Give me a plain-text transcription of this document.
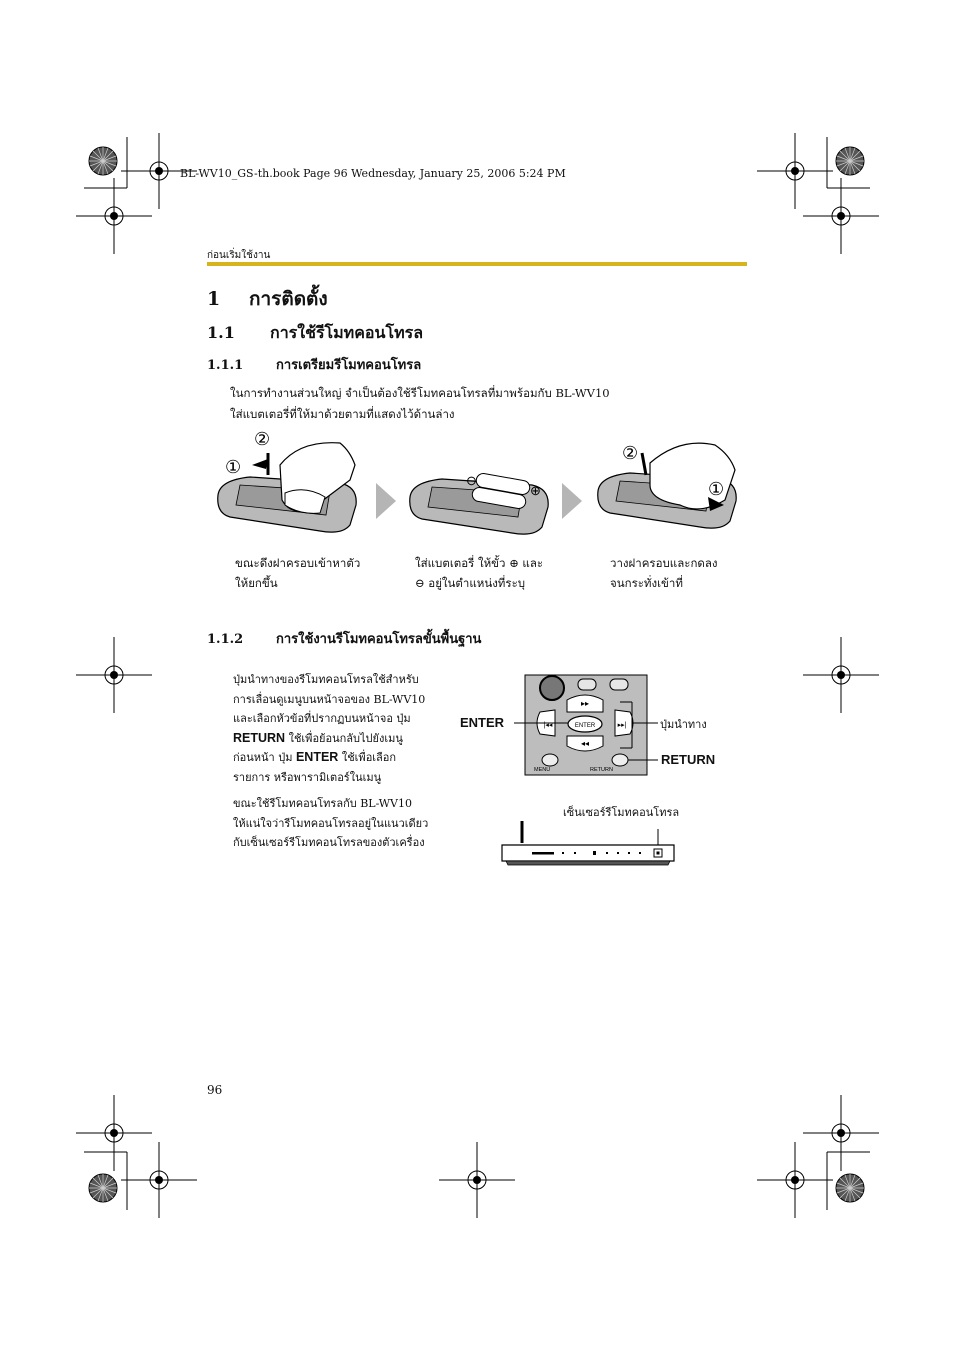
BL-WV10_GS-th.book Page 96 Wednesday, January 25, 2006 5:24 PM
ก่อนเริ่มใช้งาน
1 การติดตั้ง
1.1 การใช้รีโมทคอนโทรล
1.1.1	การเตรียมรีโมทคอนโทรล
ในการทำงานส่วนใหญ่ จำเป็นต้องใช้รีโมทคอนโทรลที่มาพร้อมกับ BL-WV10
ใส่แบตเตอรี่ที่ให้มาด้วยตามที่แสดงไว้ด้านล่าง
①
②
⊖
⊕
②
①
ขณะดึงฝาครอบเข้าหาตัว
ให้ยกขึ้น
ใส่แบตเตอรี่ ให้ขั้ว ⊕ และ
⊖ อยู่ในตำแหน่งที่ระบุ
วางฝาครอบและกดลง
จนกระทั่งเข้าที่
1.1.2	การใช้งานรีโมทคอนโทรลขั้นพื้นฐาน
ปุ่มนำทางของรีโมทคอนโทรลใช้สำหรับ
การเลื่อนดูเมนูบนหน้าจอของ BL-WV10
และเลือกหัวข้อที่ปรากฏบนหน้าจอ ปุ่ม
RETURN ใช้เพื่อย้อนกลับไปยังเมนู
ก่อนหน้า ปุ่ม ENTER ใช้เพื่อเลือก
รายการ หรือพารามิเตอร์ในเมนู
ขณะใช้รีโมทคอนโทรลกับ BL-WV10
ให้แน่ใจว่ารีโมทคอนโทรลอยู่ในแนวเดียว
กับเซ็นเซอร์รีโมทคอนโทรลของตัวเครื่อง
ENTER
▸▸
◂◂
▸▸|
|◂◂
MENU	RETURN
ENTER	ปุ่มนำทาง
RETURN
เซ็นเซอร์รีโมทคอนโทรล
96
